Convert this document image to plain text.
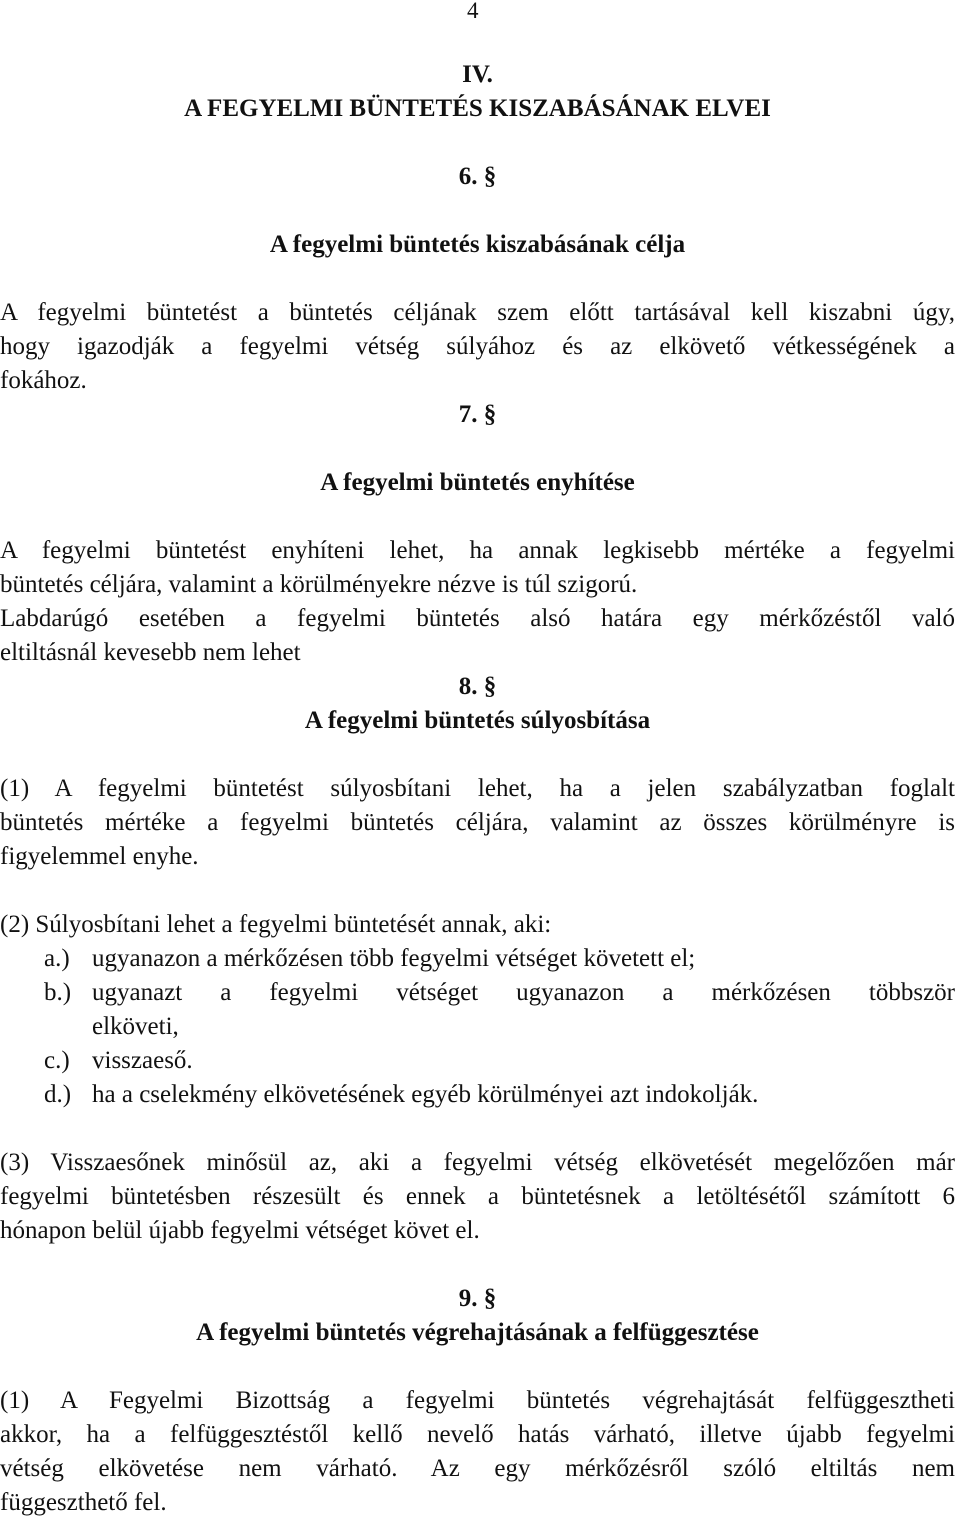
4
IV.
A FEGYELMI BÜNTETÉS KISZABÁSÁNAK ELVEI
6. §
A fegyelmi büntetés kiszabásának célja
A fegyelmi büntetést a büntetés céljának szem előtt tartásával kell kiszabni úgy,
hogy igazodják a fegyelmi vétség súlyához és az elkövető vétkességének a
fokához.
7. §
A fegyelmi büntetés enyhítése
A fegyelmi büntetést enyhíteni lehet, ha annak legkisebb mértéke a fegyelmi
büntetés céljára, valamint a körülményekre nézve is túl szigorú.
Labdarúgó esetében a fegyelmi büntetés alsó határa egy mérkőzéstől való
eltiltásnál kevesebb nem lehet
8. §
A fegyelmi büntetés súlyosbítása
(1) A fegyelmi büntetést súlyosbítani lehet, ha a jelen szabályzatban foglalt
büntetés mértéke a fegyelmi büntetés céljára, valamint az összes körülményre is
figyelemmel enyhe.
(2) Súlyosbítani lehet a fegyelmi büntetését annak, aki:
a.) ugyanazon a mérkőzésen több fegyelmi vétséget követett el;
b.) ugyanazt a fegyelmi vétséget ugyanazon a mérkőzésen többször
elköveti,
c.) visszaeső.
d.) ha a cselekmény elkövetésének egyéb körülményei azt indokolják.
(3) Visszaesőnek minősül az, aki a fegyelmi vétség elkövetését megelőzően már
fegyelmi büntetésben részesült és ennek a büntetésnek a letöltésétől számított 6
hónapon belül újabb fegyelmi vétséget követ el.
9. §
A fegyelmi büntetés végrehajtásának a felfüggesztése
(1) A Fegyelmi Bizottság a fegyelmi büntetés végrehajtását felfüggesztheti
akkor, ha a felfüggesztéstől kellő nevelő hatás várható, illetve újabb fegyelmi
vétség elkövetése nem várható. Az egy mérkőzésről szóló eltiltás nem
függeszthető fel.
